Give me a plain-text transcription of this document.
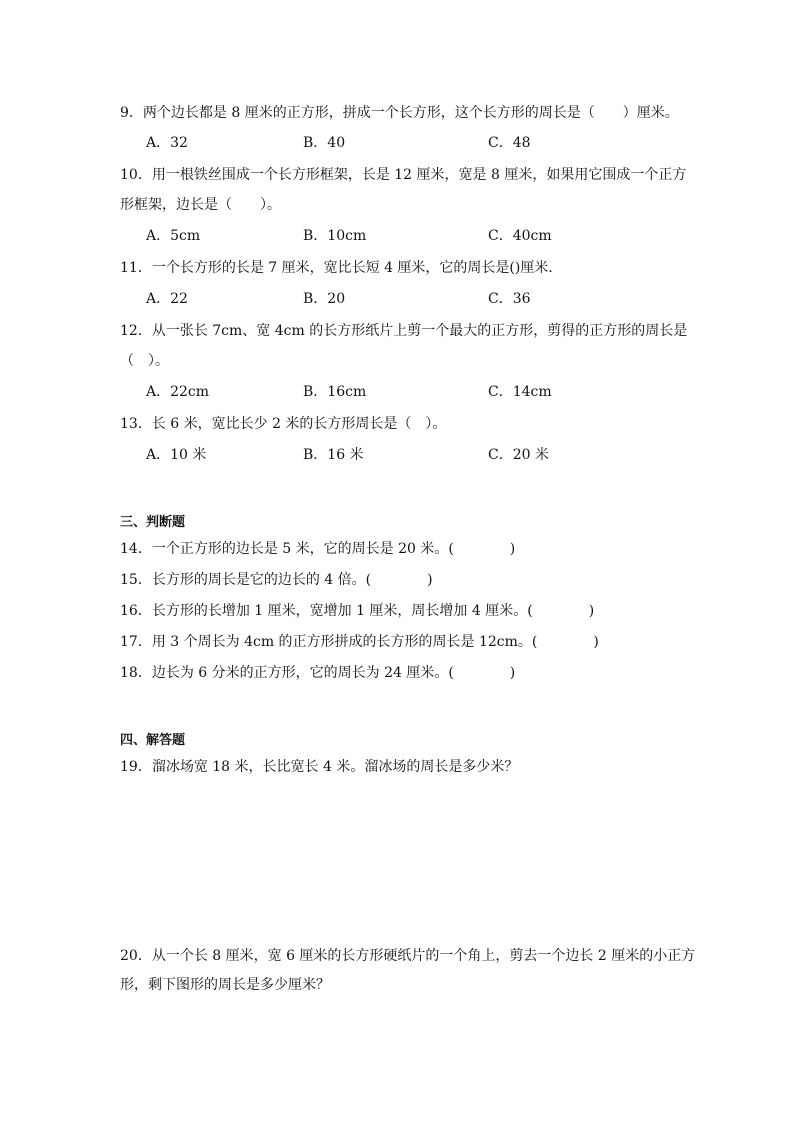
9．两个边长都是 8 厘米的正方形，拼成一个长方形，这个长方形的周长是（　　）厘米。
A．32	B．40	C．48
10．用一根铁丝围成一个长方形框架，长是 12 厘米，宽是 8 厘米，如果用它围成一个正方
形框架，边长是（　　）。
A．5cm	B．10cm	C．40cm
11．一个长方形的长是 7 厘米，宽比长短 4 厘米，它的周长是()厘米．
A．22	B．20	C．36
12．从一张长 7cm、宽 4cm 的长方形纸片上剪一个最大的正方形，剪得的正方形的周长是
（　）。
A．22cm	B．16cm	C．14cm
13．长 6 米，宽比长少 2 米的长方形周长是（　）。
A．10 米	B．16 米	C．20 米
三、判断题
14．一个正方形的边长是 5 米，它的周长是 20 米。(　　　　)
15．长方形的周长是它的边长的 4 倍。(　　　　)
16．长方形的长增加 1 厘米，宽增加 1 厘米，周长增加 4 厘米。(　　　　)
17．用 3 个周长为 4cm 的正方形拼成的长方形的周长是 12cm。(　　　　)
18．边长为 6 分米的正方形，它的周长为 24 厘米。(　　　　)
四、解答题
19．溜冰场宽 18 米，长比宽长 4 米。溜冰场的周长是多少米？
20．从一个长 8 厘米，宽 6 厘米的长方形硬纸片的一个角上，剪去一个边长 2 厘米的小正方
形，剩下图形的周长是多少厘米？
